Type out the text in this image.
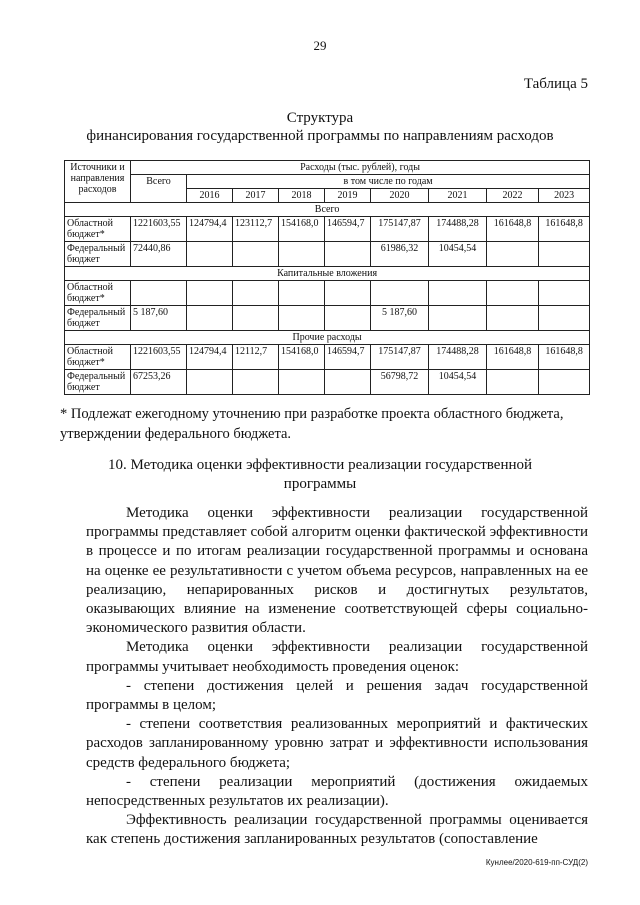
29
Таблица 5
Структура
финансирования государственной программы по направлениям расходов
Источники и направления расходов	Расходы (тыс. рублей), годы								
	Всего	в том числе по годам							
		2016	2017	2018	2019	2020	2021	2022	2023
Всего									
Областной бюджет*	1221603,55	124794,4	123112,7	154168,0	146594,7	175147,87	174488,28	161648,8	161648,8
Федеральный бюджет	72440,86					61986,32	10454,54		
Капитальные вложения									
Областной бюджет*									
Федеральный бюджет	5 187,60					5 187,60			
Прочие расходы									
Областной бюджет*	1221603,55	124794,4	12112,7	154168,0	146594,7	175147,87	174488,28	161648,8	161648,8
Федеральный бюджет	67253,26					56798,72	10454,54		
* Подлежат ежегодному уточнению при разработке проекта областного бюджета, утверждении федерального бюджета.
10. Методика оценки эффективности реализации государственной
программы

Методика оценки эффективности реализации государственной программы представляет собой алгоритм оценки фактической эффективности в процессе и по итогам реализации государственной программы и основана на оценке ее результативности с учетом объема ресурсов, направленных на ее реализацию, непарированных рисков и достигнутых результатов, оказывающих влияние на изменение соответствующей сферы социально-экономического развития области.

Методика оценки эффективности реализации государственной программы учитывает необходимость проведения оценок:

- степени достижения целей и решения задач государственной программы в целом;

- степени соответствия реализованных мероприятий и фактических расходов запланированному уровню затрат и эффективности использования средств федерального бюджета;

- степени реализации мероприятий (достижения ожидаемых непосредственных результатов их реализации).

Эффективность реализации государственной программы оценивается как степень достижения запланированных результатов (сопоставление

Кунлее/2020-619-пп-СУД(2)
